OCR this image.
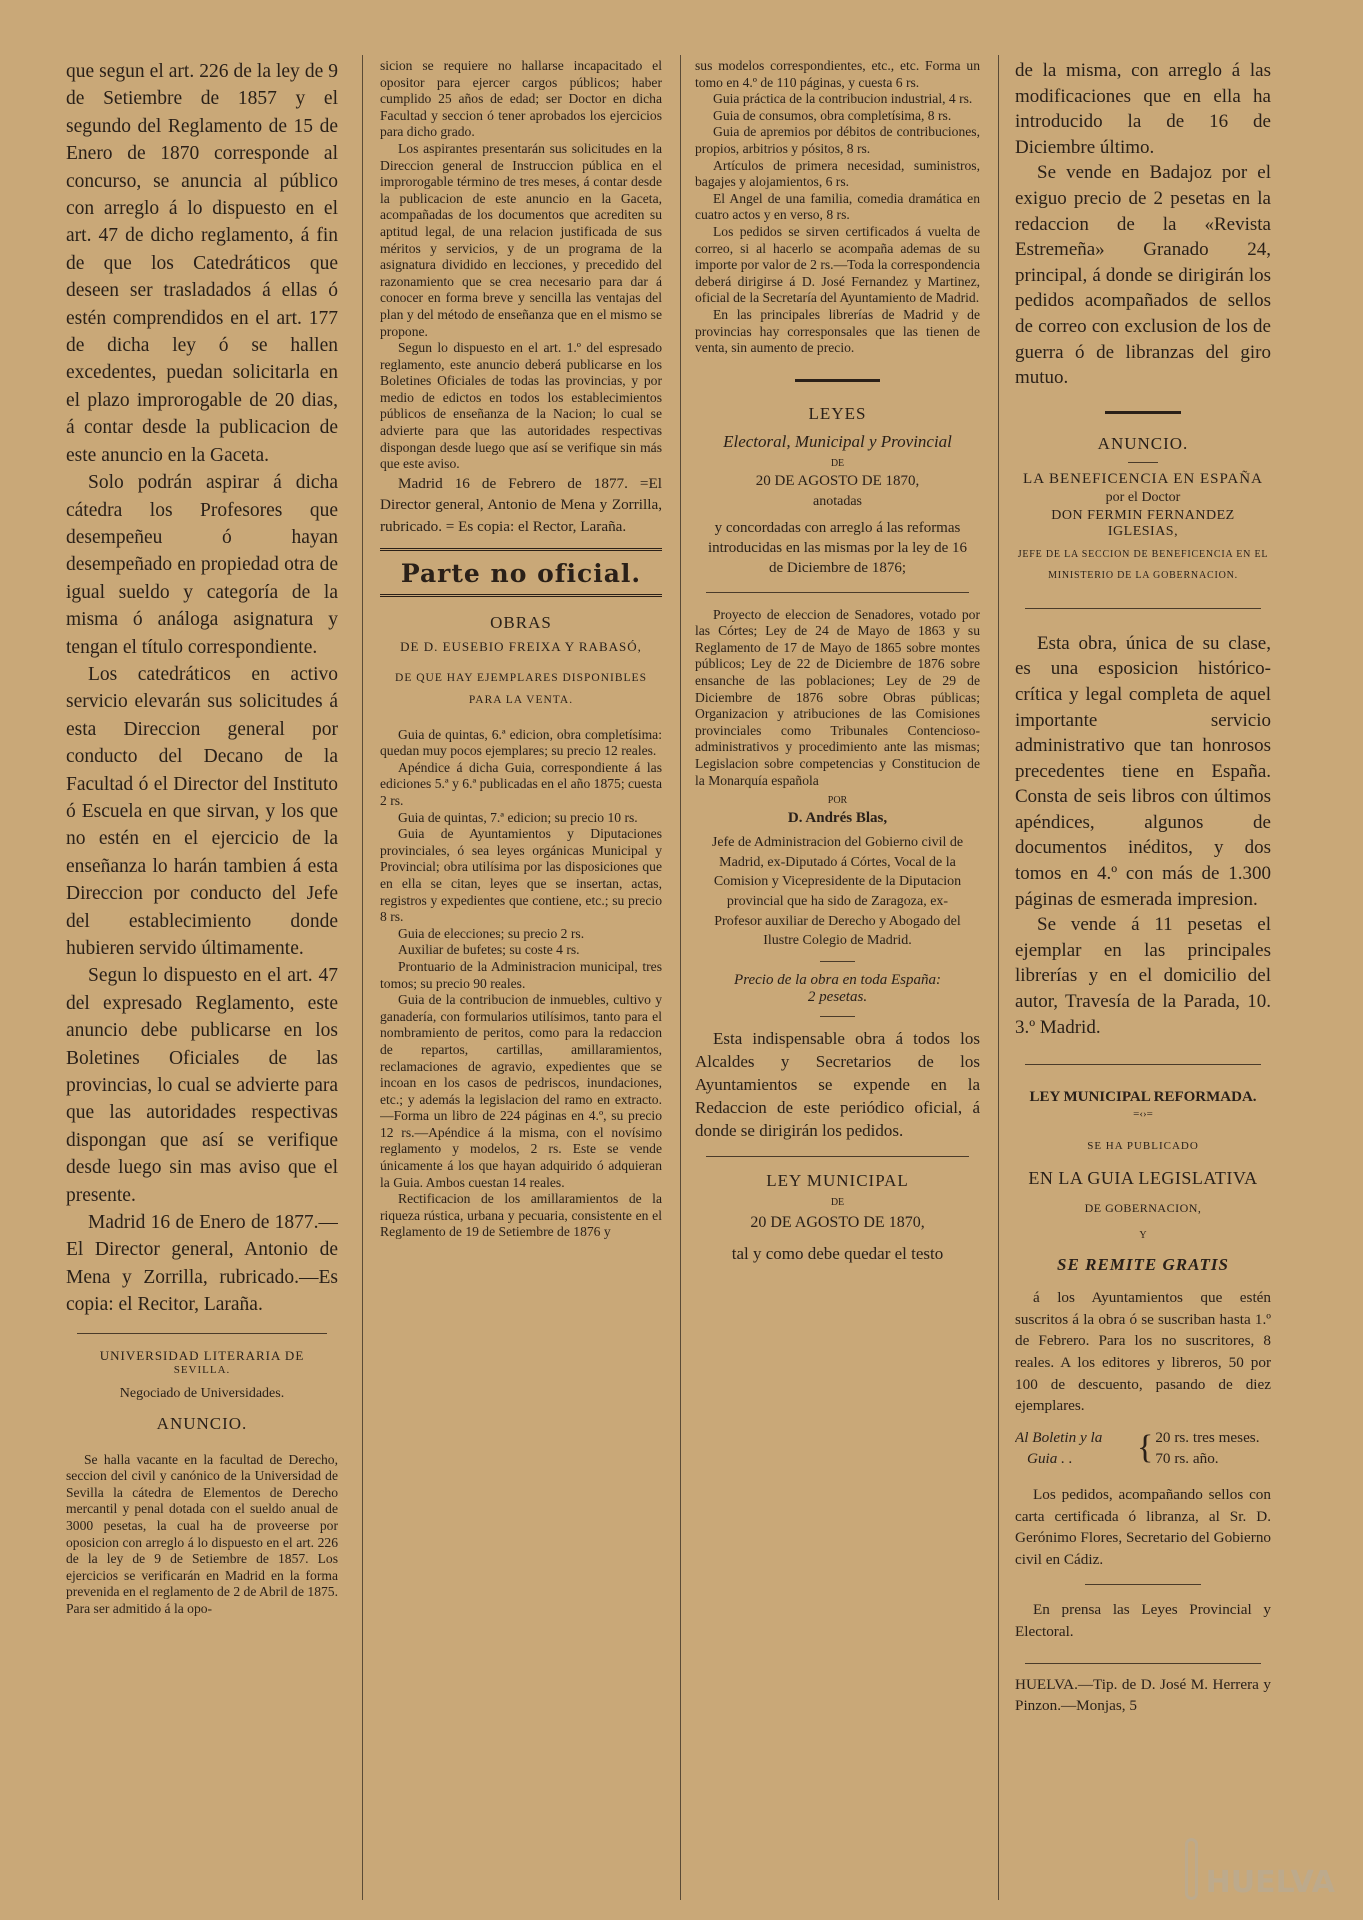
que segun el art. 226 de la ley de 9 de Setiembre de 1857 y el segundo del Reglamento de 15 de Enero de 1870 corresponde al concurso, se anuncia al público con arreglo á lo dispuesto en el art. 47 de dicho reglamento, á fin de que los Catedráticos que deseen ser trasladados á ellas ó estén comprendidos en el art. 177 de dicha ley ó se hallen excedentes, puedan solicitarla en el plazo improrogable de 20 dias, á contar desde la publicacion de este anuncio en la Gaceta.

Solo podrán aspirar á dicha cátedra los Profesores que desempeñeu ó hayan desempeñado en propiedad otra de igual sueldo y categoría de la misma ó análoga asignatura y tengan el título correspondiente.

Los catedráticos en activo servicio elevarán sus solicitudes á esta Direccion general por conducto del Decano de la Facultad ó el Director del Instituto ó Escuela en que sirvan, y los que no estén en el ejercicio de la enseñanza lo harán tambien á esta Direccion por conducto del Jefe del establecimiento donde hubieren servido últimamente.

Segun lo dispuesto en el art. 47 del expresado Reglamento, este anuncio debe publicarse en los Boletines Oficiales de las provincias, lo cual se advierte para que las autoridades respectivas dispongan que así se verifique desde luego sin mas aviso que el presente.

Madrid 16 de Enero de 1877.—El Director general, Antonio de Mena y Zorrilla, rubricado.—Es copia: el Recitor, Laraña.

UNIVERSIDAD LITERARIA DE

SEVILLA.

Negociado de Universidades.

ANUNCIO.

Se halla vacante en la facultad de Derecho, seccion del civil y canónico de la Universidad de Sevilla la cátedra de Elementos de Derecho mercantil y penal dotada con el sueldo anual de 3000 pesetas, la cual ha de proveerse por oposicion con arreglo á lo dispuesto en el art. 226 de la ley de 9 de Setiembre de 1857. Los ejercicios se verificarán en Madrid en la forma prevenida en el reglamento de 2 de Abril de 1875. Para ser admitido á la opo-

sicion se requiere no hallarse incapacitado el opositor para ejercer cargos públicos; haber cumplido 25 años de edad; ser Doctor en dicha Facultad y seccion ó tener aprobados los ejercicios para dicho grado.

Los aspirantes presentarán sus solicitudes en la Direccion general de Instruccion pública en el improrogable término de tres meses, á contar desde la publicacion de este anuncio en la Gaceta, acompañadas de los documentos que acrediten su aptitud legal, de una relacion justificada de sus méritos y servicios, y de un programa de la asignatura dividido en lecciones, y precedido del razonamiento que se crea necesario para dar á conocer en forma breve y sencilla las ventajas del plan y del método de enseñanza que en el mismo se propone.

Segun lo dispuesto en el art. 1.º del espresado reglamento, este anuncio deberá publicarse en los Boletines Oficiales de todas las provincias, y por medio de edictos en todos los establecimientos públicos de enseñanza de la Nacion; lo cual se advierte para que las autoridades respectivas dispongan desde luego que así se verifique sin más que este aviso.

Madrid 16 de Febrero de 1877. =El Director general, Antonio de Mena y Zorrilla, rubricado. = Es copia: el Rector, Laraña.

Parte no oficial.

OBRAS

DE D. EUSEBIO FREIXA Y RABASÓ,

DE QUE HAY EJEMPLARES DISPONIBLES PARA LA VENTA.

Guia de quintas, 6.ª edicion, obra completísima: quedan muy pocos ejemplares; su precio 12 reales.

Apéndice á dicha Guia, correspondiente á las ediciones 5.ª y 6.ª publicadas en el año 1875; cuesta 2 rs.

Guia de quintas, 7.ª edicion; su precio 10 rs.

Guia de Ayuntamientos y Diputaciones provinciales, ó sea leyes orgánicas Municipal y Provincial; obra utilísima por las disposiciones que en ella se citan, leyes que se insertan, actas, registros y expedientes que contiene, etc.; su precio 8 rs.

Guia de elecciones; su precio 2 rs.

Auxiliar de bufetes; su coste 4 rs.

Prontuario de la Administracion municipal, tres tomos; su precio 90 reales.

Guia de la contribucion de inmuebles, cultivo y ganadería, con formularios utilísimos, tanto para el nombramiento de peritos, como para la redaccion de repartos, cartillas, amillaramientos, reclamaciones de agravio, expedientes que se incoan en los casos de pedriscos, inundaciones, etc.; y además la legislacion del ramo en extracto.—Forma un libro de 224 páginas en 4.º, su precio 12 rs.—Apéndice á la misma, con el novísimo reglamento y modelos, 2 rs. Este se vende únicamente á los que hayan adquirido ó adquieran la Guia. Ambos cuestan 14 reales.

Rectificacion de los amillaramientos de la riqueza rústica, urbana y pecuaria, consistente en el Reglamento de 19 de Setiembre de 1876 y

sus modelos correspondientes, etc., etc. Forma un tomo en 4.º de 110 páginas, y cuesta 6 rs.

Guia práctica de la contribucion industrial, 4 rs.

Guia de consumos, obra completísima, 8 rs.

Guia de apremios por débitos de contribuciones, propios, arbitrios y pósitos, 8 rs.

Artículos de primera necesidad, suministros, bagajes y alojamientos, 6 rs.

El Angel de una familia, comedia dramática en cuatro actos y en verso, 8 rs.

Los pedidos se sirven certificados á vuelta de correo, si al hacerlo se acompaña ademas de su importe por valor de 2 rs.—Toda la correspondencia deberá dirigirse á D. José Fernandez y Martinez, oficial de la Secretaría del Ayuntamiento de Madrid.

En las principales librerías de Madrid y de provincias hay corresponsales que las tienen de venta, sin aumento de precio.

LEYES

Electoral, Municipal y Provincial

DE

20 DE AGOSTO DE 1870,

anotadas

y concordadas con arreglo á las reformas introducidas en las mismas por la ley de 16 de Diciembre de 1876;

Proyecto de eleccion de Senadores, votado por las Córtes; Ley de 24 de Mayo de 1863 y su Reglamento de 17 de Mayo de 1865 sobre montes públicos; Ley de 22 de Diciembre de 1876 sobre ensanche de las poblaciones; Ley de 29 de Diciembre de 1876 sobre Obras públicas; Organizacion y atribuciones de las Comisiones provinciales como Tribunales Contencioso-administrativos y procedimiento ante las mismas; Legislacion sobre competencias y Constitucion de la Monarquía española

POR

D. Andrés Blas,

Jefe de Administracion del Gobierno civil de Madrid, ex-Diputado á Córtes, Vocal de la Comision y Vicepresidente de la Diputacion provincial que ha sido de Zaragoza, ex-Profesor auxiliar de Derecho y Abogado del Ilustre Colegio de Madrid.

Precio de la obra en toda España:

2 pesetas.

Esta indispensable obra á todos los Alcaldes y Secretarios de los Ayuntamientos se expende en la Redaccion de este periódico oficial, á donde se dirigirán los pedidos.

LEY MUNICIPAL

DE

20 DE AGOSTO DE 1870,

tal y como debe quedar el testo

de la misma, con arreglo á las modificaciones que en ella ha introducido la de 16 de Diciembre último.

Se vende en Badajoz por el exiguo precio de 2 pesetas en la redaccion de la «Revista Estremeña» Granado 24, principal, á donde se dirigirán los pedidos acompañados de sellos de correo con exclusion de los de guerra ó de libranzas del giro mutuo.

ANUNCIO.

LA BENEFICENCIA EN ESPAÑA

por el Doctor

DON FERMIN FERNANDEZ IGLESIAS,

JEFE DE LA SECCION DE BENEFICENCIA EN EL MINISTERIO DE LA GOBERNACION.

Esta obra, única de su clase, es una esposicion histórico-crítica y legal completa de aquel importante servicio administrativo que tan honrosos precedentes tiene en España. Consta de seis libros con últimos apéndices, algunos de documentos inéditos, y dos tomos en 4.º con más de 1.300 páginas de esmerada impresion.

Se vende á 11 pesetas el ejemplar en las principales librerías y en el domicilio del autor, Travesía de la Parada, 10. 3.º Madrid.

LEY MUNICIPAL REFORMADA.

=‹›=

SE HA PUBLICADO

EN LA GUIA LEGISLATIVA

DE GOBERNACION,

Y

SE REMITE GRATIS

á los Ayuntamientos que estén suscritos á la obra ó se suscriban hasta 1.º de Febrero. Para los no suscritores, 8 reales. A los editores y libreros, 50 por 100 de descuento, pasando de diez ejemplares.

Al Boletin y la
Guia . .	{ 20 rs. tres meses.
70 rs. año.

Los pedidos, acompañando sellos con carta certificada ó libranza, al Sr. D. Gerónimo Flores, Secretario del Gobierno civil en Cádiz.

En prensa las Leyes Provincial y Electoral.

HUELVA.—Tip. de D. José M. Herrera y Pinzon.—Monjas, 5

HUELVA
